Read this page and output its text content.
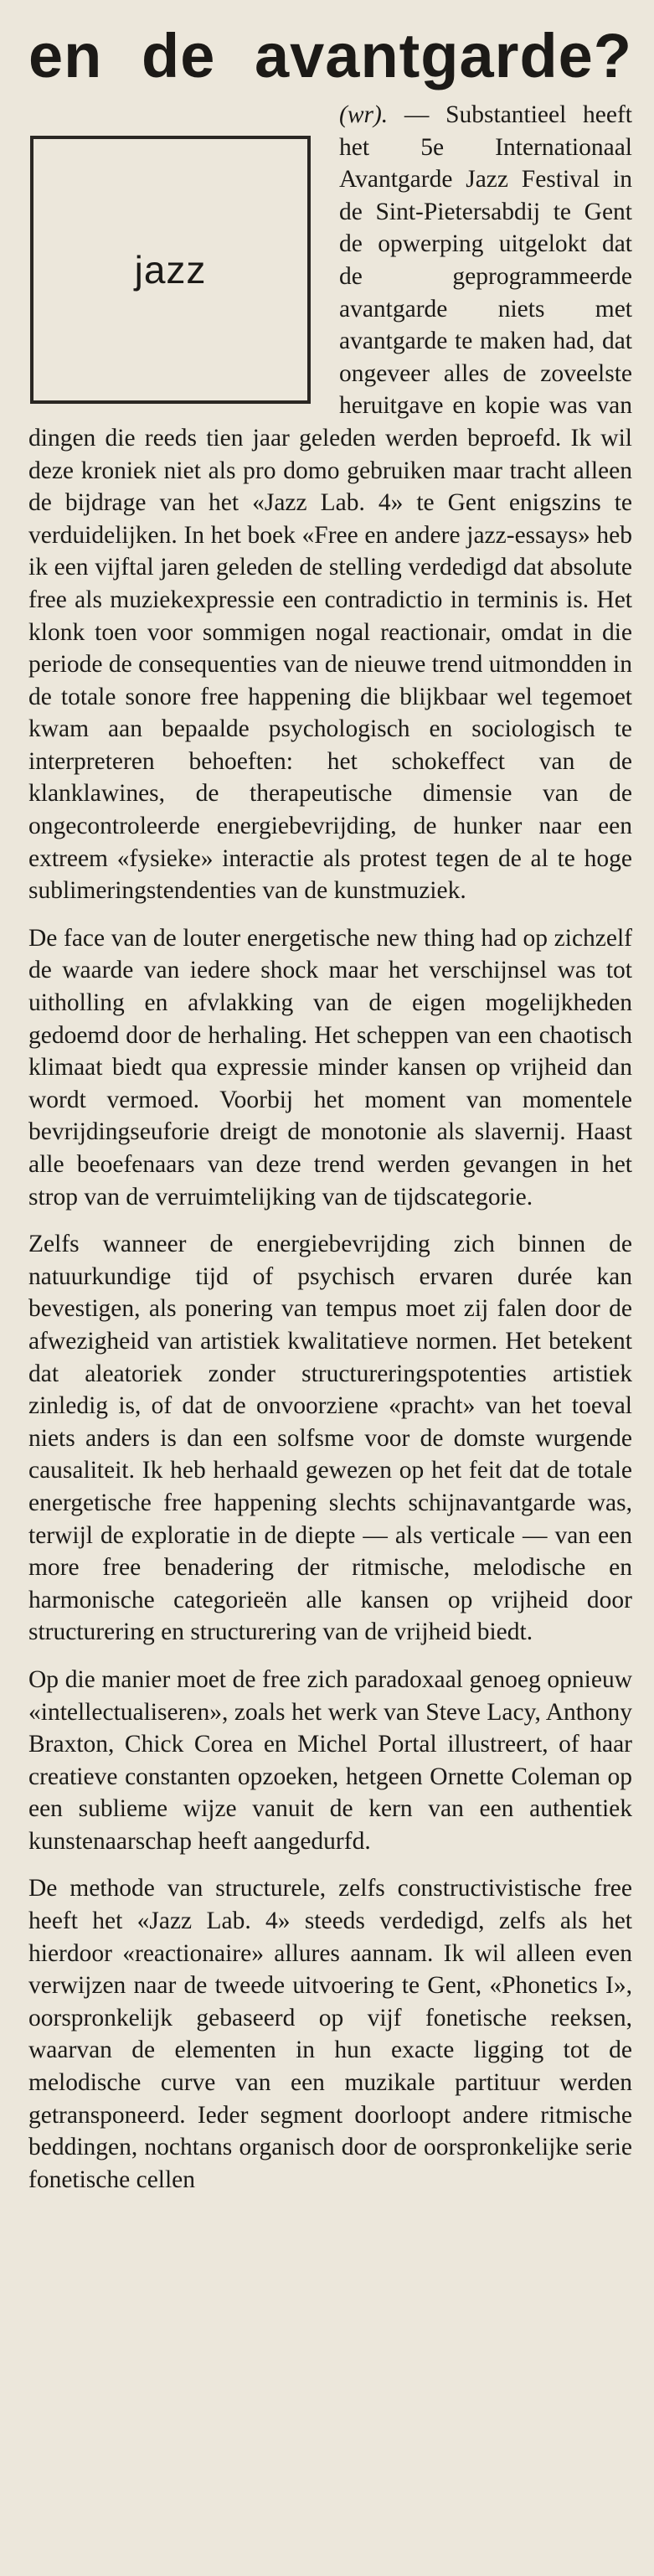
en de avantgarde?
jazz

(wr). — Substantieel heeft het 5e Internationaal Avantgarde Jazz Festival in de Sint-Pietersabdij te Gent de opwerping uitgelokt dat de geprogrammeerde avantgarde niets met avantgarde te maken had, dat ongeveer alles de zoveelste heruitgave en kopie was van dingen die reeds tien jaar geleden werden beproefd. Ik wil deze kroniek niet als pro domo gebruiken maar tracht alleen de bijdrage van het «Jazz Lab. 4» te Gent enigszins te verduidelijken. In het boek «Free en andere jazz-essays» heb ik een vijftal jaren geleden de stelling verdedigd dat absolute free als muziekexpressie een contradictio in terminis is. Het klonk toen voor sommigen nogal reactionair, omdat in die periode de consequenties van de nieuwe trend uitmondden in de totale sonore free happening die blijkbaar wel tegemoet kwam aan bepaalde psychologisch en sociologisch te interpreteren behoeften: het schokeffect van de klanklawines, de therapeutische dimensie van de ongecontroleerde energiebevrijding, de hunker naar een extreem «fysieke» interactie als protest tegen de al te hoge sublimeringstendenties van de kunstmuziek.

De face van de louter energetische new thing had op zichzelf de waarde van iedere shock maar het verschijnsel was tot uitholling en afvlakking van de eigen mogelijkheden gedoemd door de herhaling. Het scheppen van een chaotisch klimaat biedt qua expressie minder kansen op vrijheid dan wordt vermoed. Voorbij het moment van momentele bevrijdingseuforie dreigt de monotonie als slavernij. Haast alle beoefenaars van deze trend werden gevangen in het strop van de verruimtelijking van de tijdscategorie.

Zelfs wanneer de energiebevrijding zich binnen de natuurkundige tijd of psychisch ervaren durée kan bevestigen, als ponering van tempus moet zij falen door de afwezigheid van artistiek kwalitatieve normen. Het betekent dat aleatoriek zonder structureringspotenties artistiek zinledig is, of dat de onvoorziene «pracht» van het toeval niets anders is dan een solfsme voor de domste wurgende causaliteit. Ik heb herhaald gewezen op het feit dat de totale energetische free happening slechts schijnavantgarde was, terwijl de exploratie in de diepte — als verticale — van een more free benadering der ritmische, melodische en harmonische categorieën alle kansen op vrijheid door structurering en structurering van de vrijheid biedt.

Op die manier moet de free zich paradoxaal genoeg opnieuw «intellectualiseren», zoals het werk van Steve Lacy, Anthony Braxton, Chick Corea en Michel Portal illustreert, of haar creatieve constanten opzoeken, hetgeen Ornette Coleman op een sublieme wijze vanuit de kern van een authentiek kunstenaarschap heeft aangedurfd.

De methode van structurele, zelfs constructivistische free heeft het «Jazz Lab. 4» steeds verdedigd, zelfs als het hierdoor «reactionaire» allures aannam. Ik wil alleen even verwijzen naar de tweede uitvoering te Gent, «Phonetics I», oorspronkelijk gebaseerd op vijf fonetische reeksen, waarvan de elementen in hun exacte ligging tot de melodische curve van een muzikale partituur werden getransponeerd. Ieder segment doorloopt andere ritmische beddingen, nochtans organisch door de oorspronkelijke serie fonetische cellen
